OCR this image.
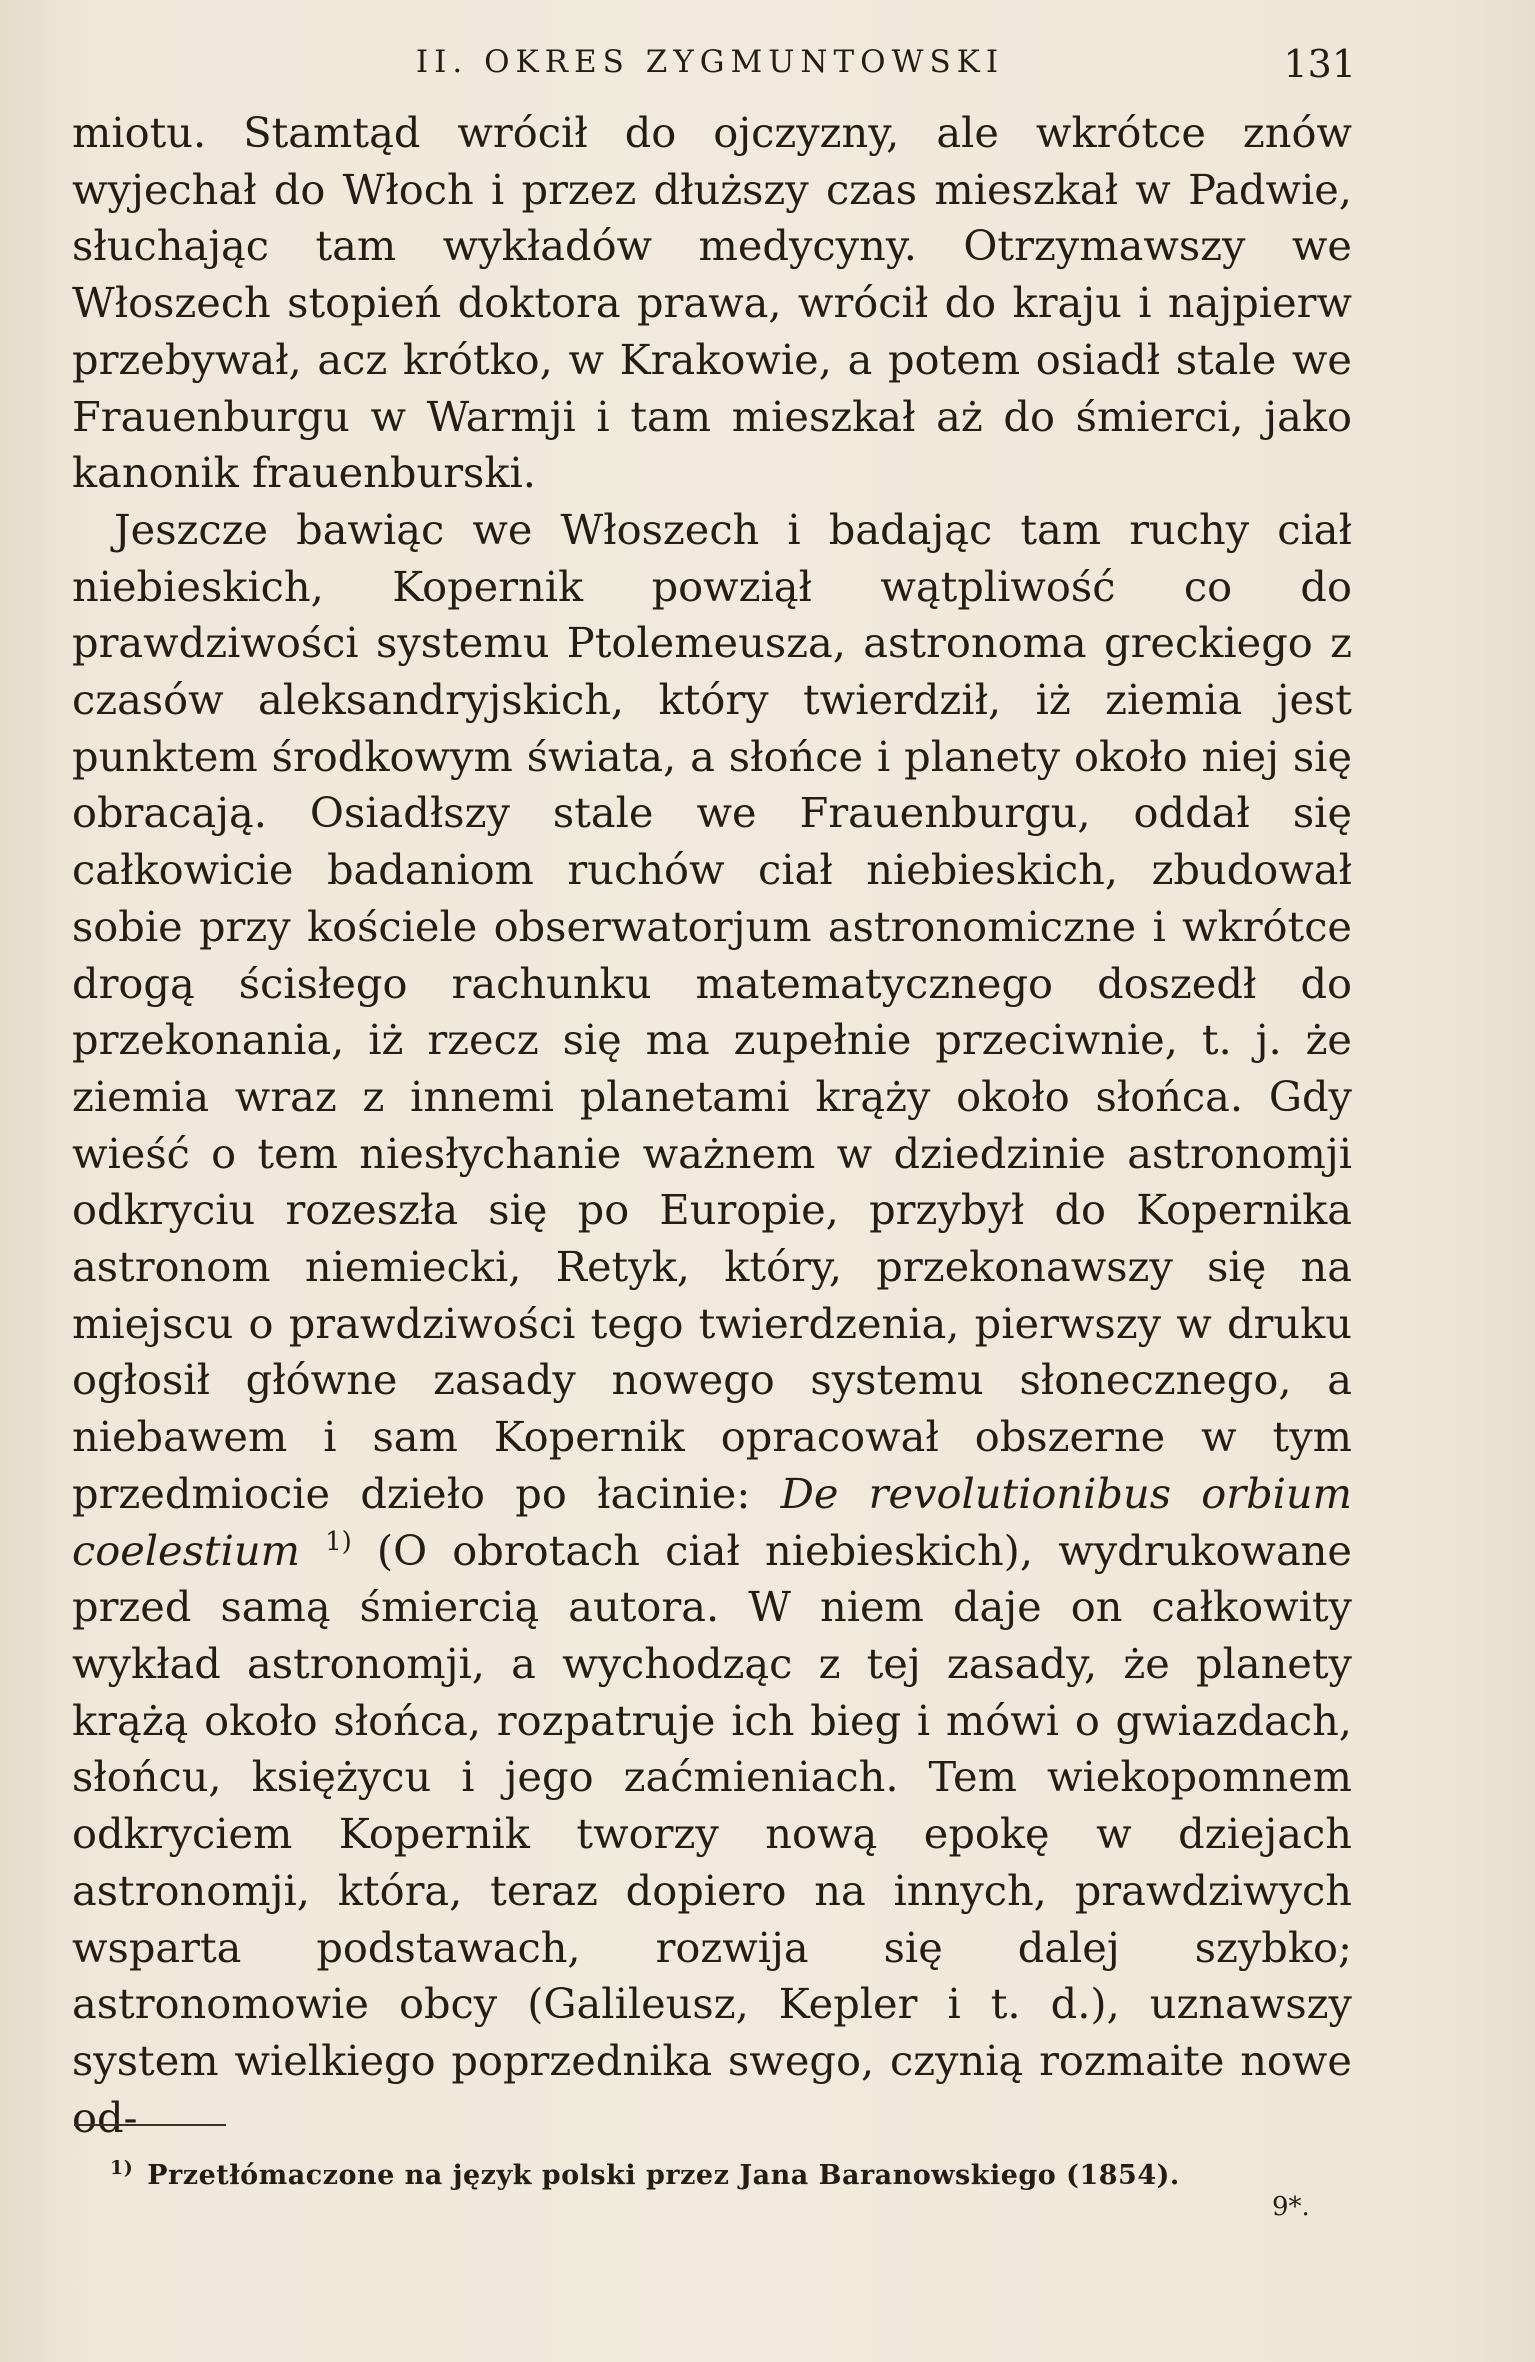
II. OKRES ZYGMUNTOWSKI	131

miotu. Stamtąd wrócił do ojczyzny, ale wkrótce znów wyjechał do Włoch i przez dłuższy czas mieszkał w Padwie, słuchając tam wykładów medycyny. Otrzymawszy we Włoszech stopień doktora prawa, wrócił do kraju i najpierw przebywał, acz krótko, w Krakowie, a potem osiadł stale we Frauenburgu w Warmji i tam mieszkał aż do śmierci, jako kanonik frauenburski.

Jeszcze bawiąc we Włoszech i badając tam ruchy ciał niebieskich, Kopernik powziął wątpliwość co do prawdziwości systemu Ptolemeusza, astronoma greckiego z czasów aleksandryjskich, który twierdził, iż ziemia jest punktem środkowym świata, a słońce i planety około niej się obracają. Osiadłszy stale we Frauenburgu, oddał się całkowicie badaniom ruchów ciał niebieskich, zbudował sobie przy kościele obserwatorjum astronomiczne i wkrótce drogą ścisłego rachunku matematycznego doszedł do przekonania, iż rzecz się ma zupełnie przeciwnie, t. j. że ziemia wraz z innemi planetami krąży około słońca. Gdy wieść o tem niesłychanie ważnem w dziedzinie astronomji odkryciu rozeszła się po Europie, przybył do Kopernika astronom niemiecki, Retyk, który, przekonawszy się na miejscu o prawdziwości tego twierdzenia, pierwszy w druku ogłosił główne zasady nowego systemu słonecznego, a niebawem i sam Kopernik opracował obszerne w tym przedmiocie dzieło po łacinie: De revolutionibus orbium coelestium $^{1)}$ (O obrotach ciał niebieskich), wydrukowane przed samą śmiercią autora. W niem daje on całkowity wykład astronomji, a wychodząc z tej zasady, że planety krążą około słońca, rozpatruje ich bieg i mówi o gwiazdach, słońcu, księżycu i jego zaćmieniach. Tem wiekopomnem odkryciem Kopernik tworzy nową epokę w dziejach astronomji, która, teraz dopiero na innych, prawdziwych wsparta podstawach, rozwija się dalej szybko; astronomowie obcy (Galileusz, Kepler i t. d.), uznawszy system wielkiego poprzednika swego, czynią rozmaite nowe od-

$^{1)}$ Przetłómaczone na język polski przez Jana Baranowskiego (1854).
9*.
